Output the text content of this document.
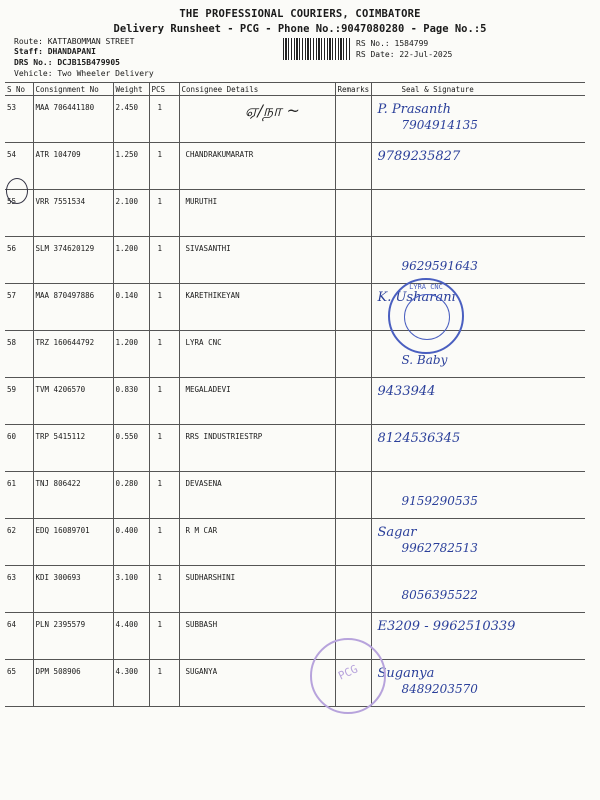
THE PROFESSIONAL COURIERS, COIMBATORE
Delivery Runsheet - PCG - Phone No.:9047080280 - Page No.:5
Route: KATTABOMMAN STREET
Staff: DHANDAPANI
DRS No.: DCJB15B479905
Vehicle: Two Wheeler Delivery
RS No.: 1584799
RS Date: 22-Jul-2025
S No	Consignment No	Weight	PCS	Consignee Details	Remarks	Seal & Signature
53	MAA 706441180	2.450	1			P. Prasanth
7904914135

54	ATR 104709	1.250	1	CHANDRAKUMARATR		9789235827

55	VRR 7551534	2.100	1	MURUTHI		

56	SLM 374620129	1.200	1	SIVASANTHI		9629591643

57	MAA 870497886	0.140	1	KARETHIKEYAN		K. Usharani

58	TRZ 160644792	1.200	1	LYRA CNC		S. Baby

59	TVM 4206570	0.830	1	MEGALADEVI		9433944

60	TRP 5415112	0.550	1	RRS INDUSTRIESTRP		8124536345

61	TNJ 806422	0.280	1	DEVASENA		9159290535

62	EDQ 16089701	0.400	1	R M CAR		Sagar
9962782513

63	KDI 300693	3.100	1	SUDHARSHINI		8056395522

64	PLN 2395579	4.400	1	SUBBASH		E3209 - 9962510339

65	DPM 508906	4.300	1	SUGANYA		Suganya
8489203570
ஏ/நா ~
LYRA CNC
PCG
